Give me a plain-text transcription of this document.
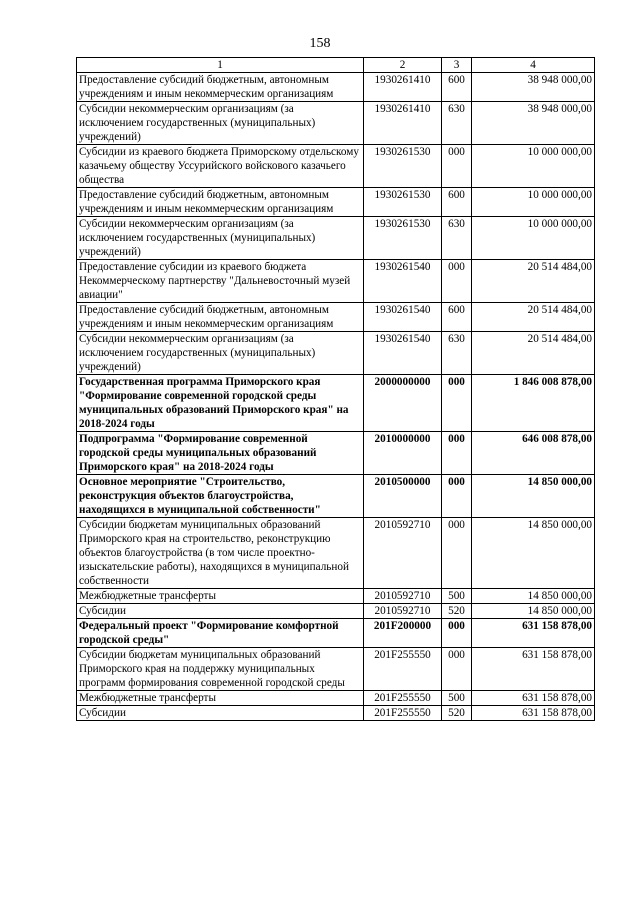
158
1	2	3	4
Предоставление субсидий бюджетным, автономным учреждениям и иным некоммерческим организациям	1930261410	600	38 948 000,00
Субсидии некоммерческим организациям (за исключением государственных (муниципальных) учреждений)	1930261410	630	38 948 000,00
Субсидии из краевого бюджета Приморскому отдельскому казачьему обществу Уссурийского войскового казачьего общества	1930261530	000	10 000 000,00
Предоставление субсидий бюджетным, автономным учреждениям и иным некоммерческим организациям	1930261530	600	10 000 000,00
Субсидии некоммерческим организациям (за исключением государственных (муниципальных) учреждений)	1930261530	630	10 000 000,00
Предоставление субсидии из краевого бюджета Некоммерческому партнерству "Дальневосточный музей авиации"	1930261540	000	20 514 484,00
Предоставление субсидий бюджетным, автономным учреждениям и иным некоммерческим организациям	1930261540	600	20 514 484,00
Субсидии некоммерческим организациям (за исключением государственных (муниципальных) учреждений)	1930261540	630	20 514 484,00
Государственная программа Приморского края "Формирование современной городской среды муниципальных образований Приморского края" на 2018-2024 годы	2000000000	000	1 846 008 878,00
Подпрограмма "Формирование современной городской среды муниципальных образований Приморского края" на 2018-2024 годы	2010000000	000	646 008 878,00
Основное мероприятие "Строительство, реконструкция объектов благоустройства, находящихся в муниципальной собственности"	2010500000	000	14 850 000,00
Субсидии бюджетам муниципальных образований Приморского края на строительство, реконструкцию объектов благоустройства (в том числе проектно-изыскательские работы), находящихся в муниципальной собственности	2010592710	000	14 850 000,00
Межбюджетные трансферты	2010592710	500	14 850 000,00
Субсидии	2010592710	520	14 850 000,00
Федеральный проект "Формирование комфортной городской среды"	201F200000	000	631 158 878,00
Субсидии бюджетам муниципальных образований Приморского края на поддержку муниципальных программ формирования современной городской среды	201F255550	000	631 158 878,00
Межбюджетные трансферты	201F255550	500	631 158 878,00
Субсидии	201F255550	520	631 158 878,00
